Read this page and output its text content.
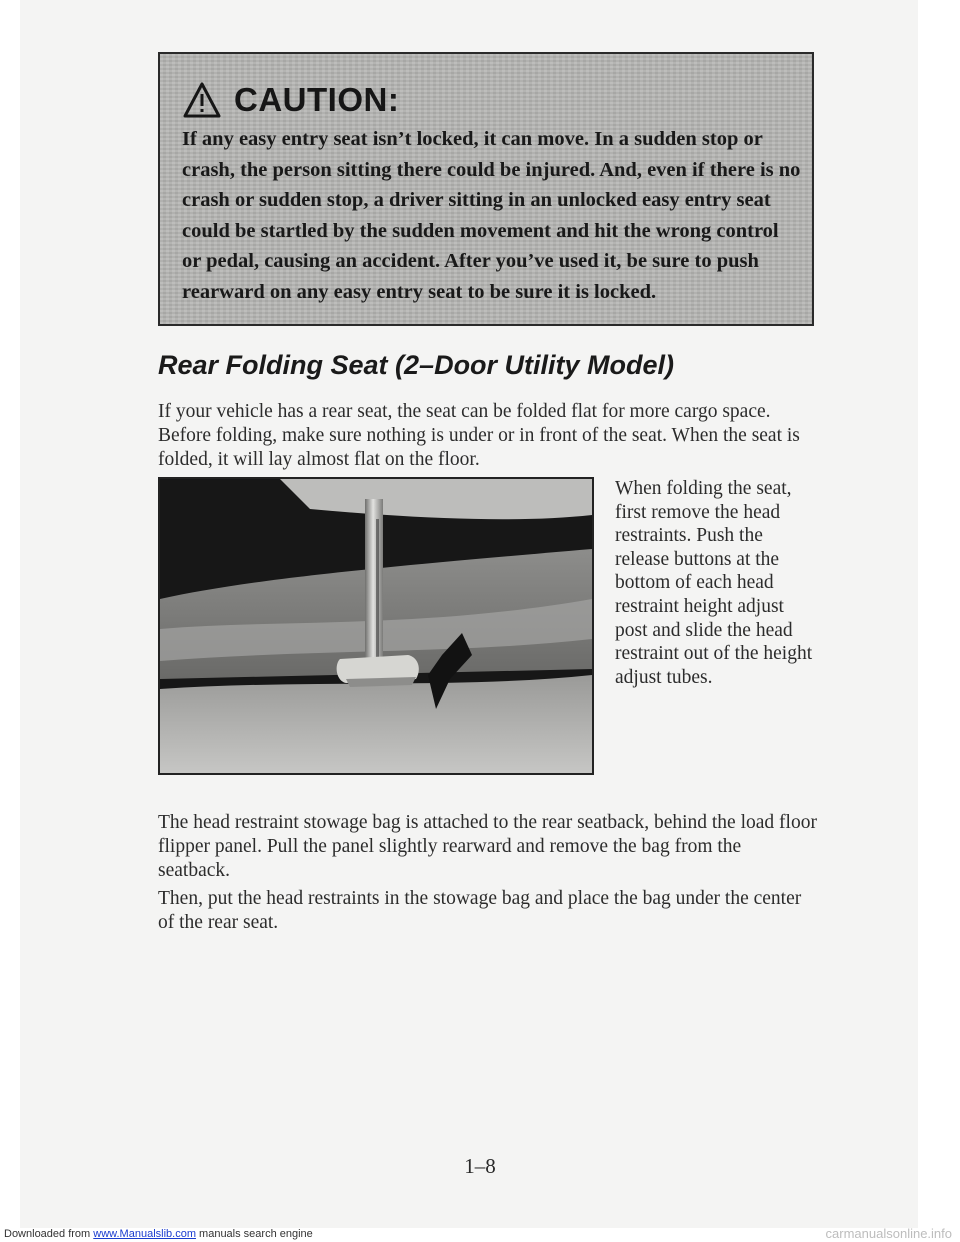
CAUTION:
If any easy entry seat isn’t locked, it can move. In a sudden stop or crash, the person sitting there could be injured. And, even if there is no crash or sudden stop, a driver sitting in an unlocked easy entry seat could be startled by the sudden movement and hit the wrong control or pedal, causing an accident. After you’ve used it, be sure to push rearward on any easy entry seat to be sure it is locked.
Rear Folding Seat (2–Door Utility Model)

If your vehicle has a rear seat, the seat can be folded flat for more cargo space. Before folding, make sure nothing is under or in front of the seat. When the seat is folded, it will lay almost flat on the floor.

When folding the seat, first remove the head restraints. Push the release buttons at the bottom of each head restraint height adjust post and slide the head restraint out of the height adjust tubes.

The head restraint stowage bag is attached to the rear seatback, behind the load floor flipper panel. Pull the panel slightly rearward and remove the bag from the seatback.

Then, put the head restraints in the stowage bag and place the bag under the center of the rear seat.

1–8
Downloaded from www.Manualslib.com manuals search engine	carmanualsonline.info
